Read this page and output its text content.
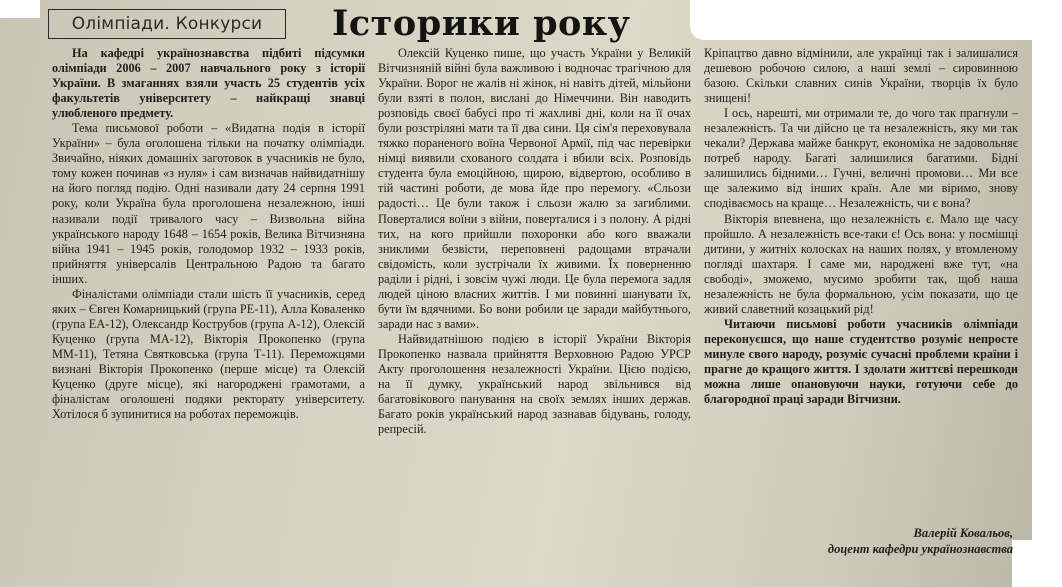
Олімпіади. Конкурси	Історики року

На кафедрі українознавства підбиті підсумки олімпіади 2006 – 2007 навчального року з історії України. В змаганнях взяли участь 25 студентів усіх факультетів університету – найкращі знавці улюбленого предмету.

Тема письмової роботи – «Видатна подія в історії України» – була оголошена тільки на початку олімпіади. Звичайно, ніяких домашніх заготовок в учасників не було, тому кожен починав «з нуля» і сам визначав найвидатнішу на його погляд подію. Одні називали дату 24 серпня 1991 року, коли Україна була проголошена незалежною, інші називали події тривалого часу – Визвольна війна українського народу 1648 – 1654 років, Велика Вітчизняна війна 1941 – 1945 років, голодомор 1932 – 1933 років, прийняття універсалів Центральною Радою та багато інших.

Фіналістами олімпіади стали шість її учасників, серед яких – Євген Комарницький (група РЕ-11), Алла Коваленко (група ЕА-12), Олександр Кострубов (група А-12), Олексій Куценко (група МА-12), Вікторія Прокопенко (група ММ-11), Тетяна Святковська (група Т-11). Переможцями визнані Вікторія Прокопенко (перше місце) та Олексій Куценко (друге місце), які нагороджені грамотами, а фіналістам оголошені подяки ректорату університету. Хотілося б зупинитися на роботах переможців.

Олексій Куценко пише, що участь України у Великій Вітчизняній війні була важливою і водночас трагічною для України. Ворог не жалів ні жінок, ні навіть дітей, мільйони були взяті в полон, вислані до Німеччини. Він наводить розповідь своєї бабусі про ті жахливі дні, коли на її очах були розстріляні мати та її два сини. Ця сім'я переховувала тяжко пораненого воїна Червоної Армії, під час перевірки німці виявили схованого солдата і вбили всіх. Розповідь студента була емоційною, щирою, відвертою, особливо в тій частині роботи, де мова йде про перемогу. «Сльози радості… Це були також і сльози жалю за загиблими. Поверталися воїни з війни, поверталися і з полону. А рідні тих, на кого прийшли похоронки або кого вважали зниклими безвісти, переповнені радощами втрачали свідомість, коли зустрічали їх живими. Їх поверненню раділи і рідні, і зовсім чужі люди. Це була перемога задля людей ціною власних життів. І ми повинні шанувати їх, бути їм вдячними. Бо вони робили це заради майбутнього, заради нас з вами».

Найвидатнішою подією в історії України Вікторія Прокопенко назвала прийняття Верховною Радою УРСР Акту проголошення незалежності України. Цією подією, на її думку, український народ звільнився від багатовікового панування на своїх землях інших держав. Багато років український народ зазнавав бідувань, голоду, репресій.

Кріпацтво давно відмінили, але українці так і залишалися дешевою робочою силою, а наші землі – сировинною базою. Скільки славних синів України, творців їх було знищені!

І ось, нарешті, ми отримали те, до чого так прагнули – незалежність. Та чи дійсно це та незалежність, яку ми так чекали? Держава майже банкрут, економіка не задовольняє потреб народу. Багаті залишилися багатими. Бідні залишились бідними… Гучні, величні промови… Ми все ще залежимо від інших країн. Але ми віримо, знову сподіваємось на краще… Незалежність, чи є вона?

Вікторія впевнена, що незалежність є. Мало ще часу пройшло. А незалежність все-таки є! Ось вона: у посмішці дитини, у житніх колосках на наших полях, у втомленому погляді шахтаря. І саме ми, народжені вже тут, «на свободі», зможемо, мусимо зробити так, щоб наша незалежність не була формальною, усім показати, що це живий славетний козацький рід!

Читаючи письмові роботи учасників олімпіади переконуєшся, що наше студентство розуміє непросте минуле свого народу, розуміє сучасні проблеми країни і прагне до кращого життя. І здолати життєві перешкоди можна лише опановуючи науки, готуючи себе до благородної праці заради Вітчизни.

Валерій Ковальов,
доцент кафедри українознавства
